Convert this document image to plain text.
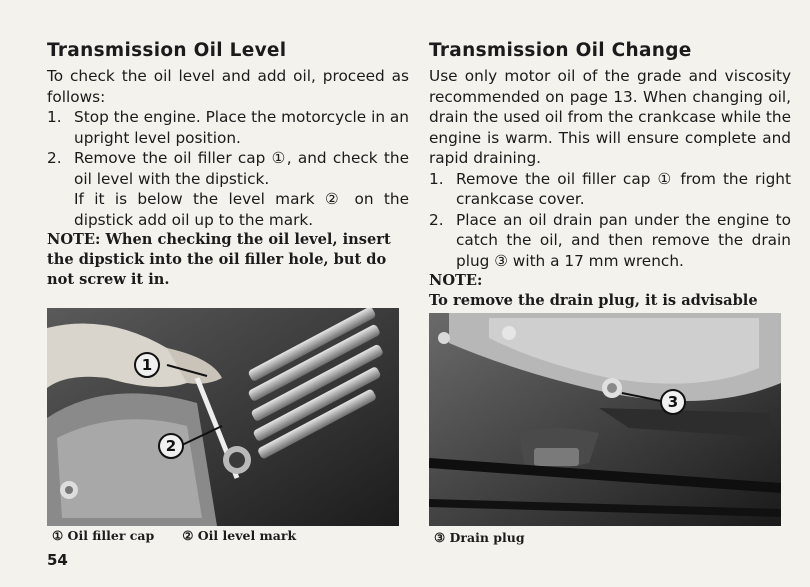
Transmission Oil Level

To check the oil level and add oil, proceed as follows:

1. Stop the engine. Place the motorcycle in an upright level position.
2. Remove the oil filler cap ①, and check the oil level with the dipstick.
If it is below the level mark ② on the dipstick add oil up to the mark.

NOTE: When checking the oil level, insert the dipstick into the oil filler hole, but do not screw it in.

Transmission Oil Change

Use only motor oil of the grade and viscosity recommended on page 13. When changing oil, drain the used oil from the crankcase while the engine is warm. This will ensure complete and rapid draining.

1. Remove the oil filler cap ① from the right crankcase cover.
2. Place an oil drain pan under the engine to catch the oil, and then remove the drain plug ③ with a 17 mm wrench.

NOTE:

To remove the drain plug, it is advisable

1
2
3
① Oil filler cap ② Oil level mark	③ Drain plug
54
